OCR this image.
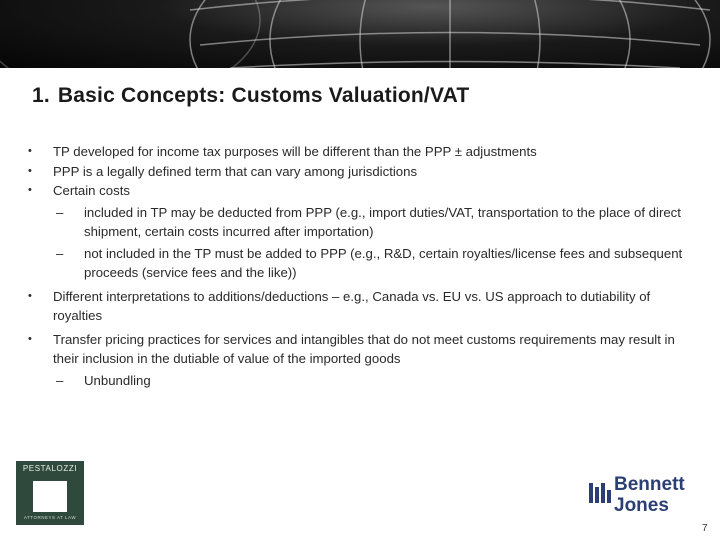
1. Basic Concepts: Customs Valuation/VAT
• TP developed for income tax purposes will be different than the PPP ± adjustments
• PPP is a legally defined term that can vary among jurisdictions
• Certain costs
– included in TP may be deducted from PPP (e.g., import duties/VAT, transportation to the place of direct shipment, certain costs incurred after importation)
– not included in the TP must be added to PPP (e.g., R&D, certain royalties/license fees and subsequent proceeds (service fees and the like))
• Different interpretations to additions/deductions – e.g., Canada vs. EU vs. US approach to dutiability of royalties
• Transfer pricing practices for services and intangibles that do not meet customs requirements may result in their inclusion in the dutiable of value of the imported goods
– Unbundling
PESTALOZZI
ATTORNEYS AT LAW
Bennett
Jones
7
